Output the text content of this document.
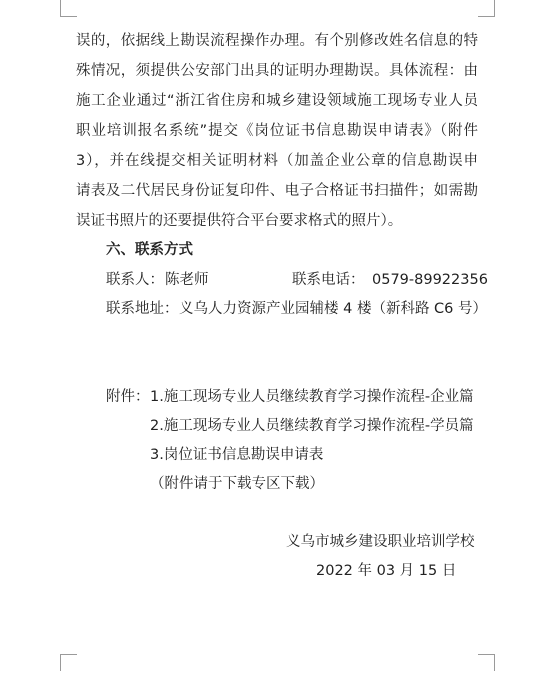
误的，依据线上勘误流程操作办理。有个别修改姓名信息的特
殊情况，须提供公安部门出具的证明办理勘误。具体流程：由
施工企业通过“浙江省住房和城乡建设领域施工现场专业人员
职业培训报名系统”提交《岗位证书信息勘误申请表》（附件
3），并在线提交相关证明材料（加盖企业公章的信息勘误申
请表及二代居民身份证复印件、电子合格证书扫描件；如需勘
误证书照片的还要提供符合平台要求格式的照片）。
六、联系方式
联系人： 陈老师	联系电话： 0579-89922356
联系地址： 义乌人力资源产业园辅楼 4 楼（新科路 C6 号）
附件： 1.施工现场专业人员继续教育学习操作流程-企业篇
2.施工现场专业人员继续教育学习操作流程-学员篇
3.岗位证书信息勘误申请表
（附件请于下载专区下载）
义乌市城乡建设职业培训学校
2022 年 03 月 15 日
